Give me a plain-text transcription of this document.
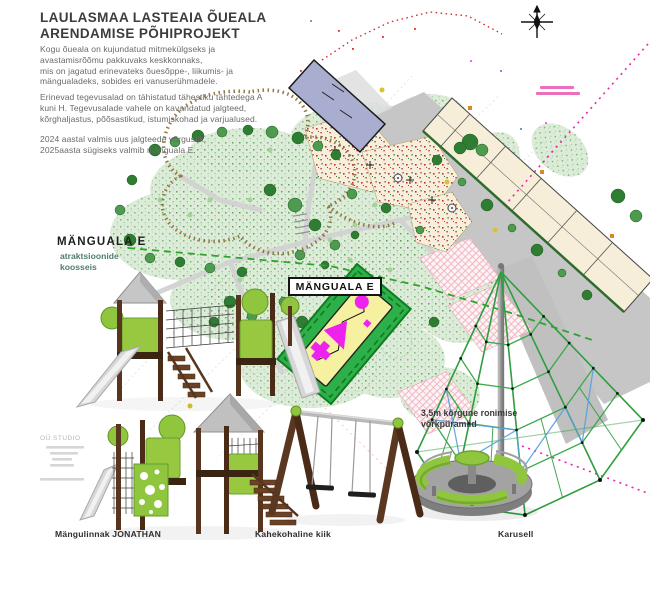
OÜ STUDIO
LAULASMAA LASTEAIA ÕUEALA
ARENDAMISE PÕHIPROJEKT
Kogu õueala on kujundatud mitmekülgseks ja
avastamisrõõmu pakkuvaks keskkonnaks,
mis on jagatud erinevateks õuesõppe-, liikumis- ja
mängualadeks, sobides eri vanuserühmadele.
Erinevad tegevusalad on tähistatud tähestiku tähtedega A
kuni H. Tegevusalade vahele on kavandatud jalgteed,
kõrghaljastus, põõsastikud, istumiskohad ja varjualused.
2024 aastal valmis uus jalgteede võrgustik.
2025aasta sügiseks valmib mänguala E.
MÄNGUALA E
atraktsioonide
koosseis
MÄNGUALA E
3,5m kõrgune ronimise
võrkpüramiid
Mängulinnak JONATHAN	Kahekohaline kiik	Karusell
